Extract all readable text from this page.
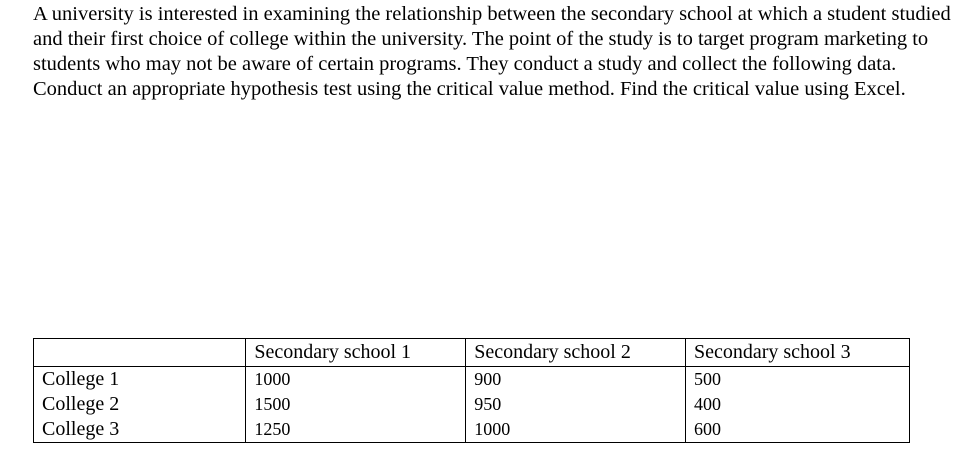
A university is interested in examining the relationship between the secondary school at which a student studied and their first choice of college within the university. The point of the study is to target program marketing to students who may not be aware of certain programs. They conduct a study and collect the following data. Conduct an appropriate hypothesis test using the critical value method. Find the critical value using Excel.

	Secondary school 1	Secondary school 2	Secondary school 3
College 1	1000	900	500
College 2	1500	950	400
College 3	1250	1000	600
